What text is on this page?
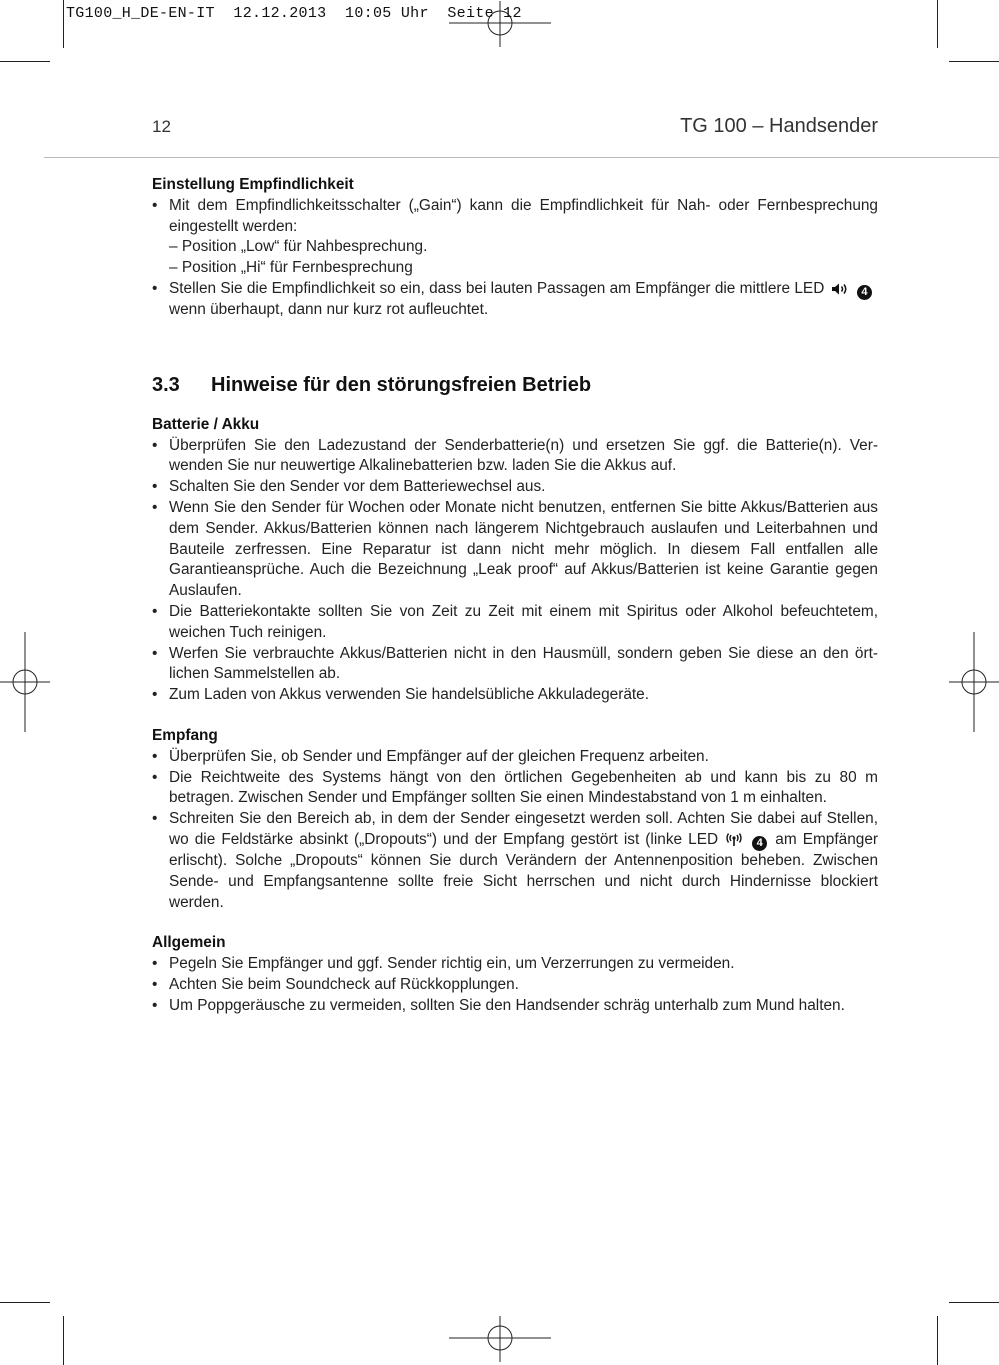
TG100_H_DE-EN-IT  12.12.2013  10:05 Uhr  Seite 12
12	TG 100 – Handsender

Einstellung Empfindlichkeit

• Mit dem Empfindlichkeitsschalter („Gain“) kann die Empfindlichkeit für Nah- oder Fernbesprechung eingestellt werden:
– Position „Low“ für Nahbesprechung.
– Position „Hi“ für Fernbesprechung
• Stellen Sie die Empfindlichkeit so ein, dass bei lauten Passagen am Empfänger die mittlere LED	4 wenn überhaupt, dann nur kurz rot aufleuchtet.
3.3 Hinweise für den störungsfreien Betrieb

Batterie / Akku

• Überprüfen Sie den Ladezustand der Senderbatterie(n) und ersetzen Sie ggf. die Batterie(n). Verwenden Sie nur neuwertige Alkalinebatterien bzw. laden Sie die Akkus auf.
• Schalten Sie den Sender vor dem Batteriewechsel aus.
• Wenn Sie den Sender für Wochen oder Monate nicht benutzen, entfernen Sie bitte Akkus/Batterien aus dem Sender. Akkus/Batterien können nach längerem Nichtgebrauch auslaufen und Leiterbahnen und Bauteile zerfressen. Eine Reparatur ist dann nicht mehr möglich. In diesem Fall entfallen alle Garantieansprüche. Auch die Bezeichnung „Leak proof“ auf Akkus/Batterien ist keine Garantie gegen Auslaufen.
• Die Batteriekontakte sollten Sie von Zeit zu Zeit mit einem mit Spiritus oder Alkohol befeuchtetem, weichen Tuch reinigen.
• Werfen Sie verbrauchte Akkus/Batterien nicht in den Hausmüll, sondern geben Sie diese an den örtlichen Sammelstellen ab.
• Zum Laden von Akkus verwenden Sie handelsübliche Akkuladegeräte.

Empfang

• Überprüfen Sie, ob Sender und Empfänger auf der gleichen Frequenz arbeiten.
• Die Reichtweite des Systems hängt von den örtlichen Gegebenheiten ab und kann bis zu 80 m betragen. Zwischen Sender und Empfänger sollten Sie einen Mindestabstand von 1 m einhalten.
• Schreiten Sie den Bereich ab, in dem der Sender eingesetzt werden soll. Achten Sie dabei auf Stellen, wo die Feldstärke absinkt („Dropouts“) und der Empfang gestört ist (linke LED	4 am Empfänger erlischt). Solche „Dropouts“ können Sie durch Verändern der Antennenposition beheben. Zwischen Sende- und Empfangsantenne sollte freie Sicht herrschen und nicht durch Hindernisse blockiert werden.

Allgemein

• Pegeln Sie Empfänger und ggf. Sender richtig ein, um Verzerrungen zu vermeiden.
• Achten Sie beim Soundcheck auf Rückkopplungen.
• Um Poppgeräusche zu vermeiden, sollten Sie den Handsender schräg unterhalb zum Mund halten.
